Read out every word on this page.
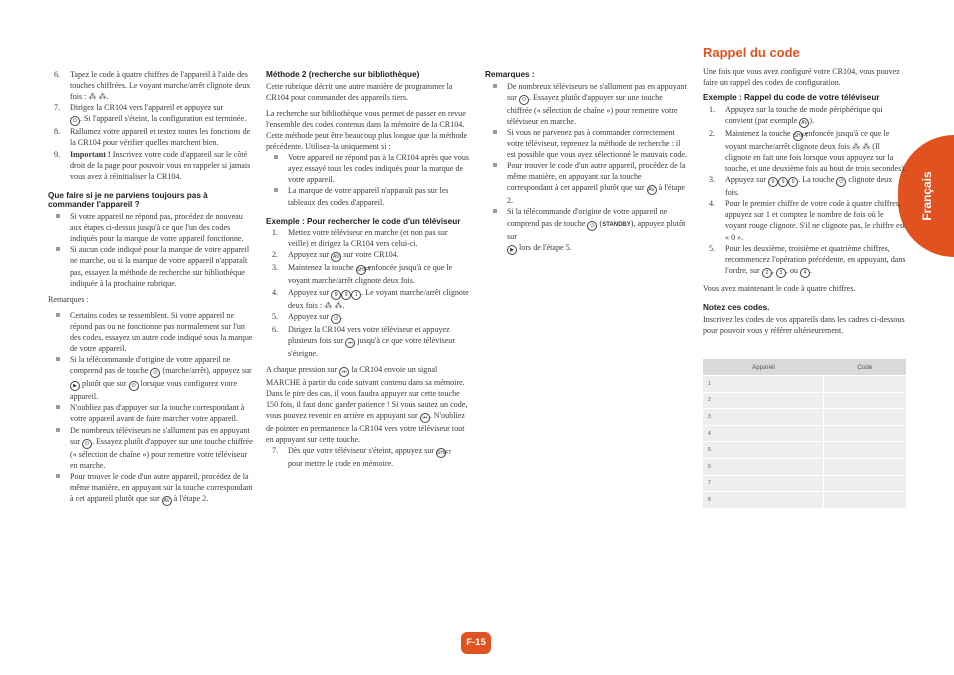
Français
6. Tapez le code à quatre chiffres de l'appareil à l'aide des touches chiffrées. Le voyant marche/arrêt clignote deux fois : ⁂ ⁂.
7. Dirigez la CR104 vers l'appareil et appuyez sur
⏻ . Si l'appareil s'éteint, la configuration est terminée.
8. Rallumez votre appareil et testez toutes les fonctions de la CR104 pour vérifier quelles marchent bien.
9. Important ! Inscrivez votre code d'appareil sur le côté droit de la page pour pouvoir vous en rappeler si jamais vous avez à réinitialiser la CR104.
Que faire si je ne parviens toujours pas à commander l'appareil ?
Si votre appareil ne répond pas, procédez de nouveau aux étapes ci-dessus jusqu'à ce que l'un des codes indiqués pour la marque de votre appareil fonctionne.
Si aucun code indiqué pour la marque de votre appareil ne marche, ou si la marque de votre appareil n'apparaît pas, essayez la méthode de recherche sur bibliothèque indiquée à la prochaine rubrique.

Remarques :

Certains codes se ressemblent. Si votre appareil ne répond pas ou ne fonctionne pas normalement sur l'un des codes, essayez un autre code indiqué sous la marque de votre appareil.
Si la télécommande d'origine de votre appareil ne comprend pas de touche ⏻ (marche/arrêt), appuyez sur ▶ plutôt que sur ⏻ lorsque vous configurez votre appareil.
N'oubliez pas d'appuyer sur la touche correspondant à votre appareil avant de faire marcher votre appareil.
De nombreux téléviseurs ne s'allument pas en appuyant sur ⏻ . Essayez plutôt d'appuyer sur une touche chiffrée (« sélection de chaîne ») pour remettre votre téléviseur en marche.
Pour trouver le code d'un autre appareil, procédez de la même manière, en appuyant sur la touche correspondant à cet appareil plutôt que sur AV à l'étape 2.
Méthode 2 (recherche sur bibliothèque)

Cette rubrique décrit une autre manière de programmer la CR104 pour commander des appareils tiers.

La recherche sur bibliothèque vous permet de passer en revue l'ensemble des codes contenus dans la mémoire de la CR104. Cette méthode peut être beaucoup plus longue que la méthode précédente. Utilisez-la uniquement si :

Votre appareil ne répond pas à la CR104 après que vous ayez essayé tous les codes indiqués pour la marque de votre appareil.
La marque de votre appareil n'apparaît pas sur les tableaux des codes d'appareil.
Exemple : Pour rechercher le code d'un téléviseur
1. Mettez votre téléviseur en marche (et non pas sur veille) et dirigez la CR104 vers celui-ci.
2. Appuyez sur AV sur votre CR104.
3. Maintenez la touche SHIFT enfoncée jusqu'à ce que le voyant marche/arrêt clignote deux fois.
4. Appuyez sur 9 9 1 . Le voyant marche/arrêt clignote deux fois : ⁂ ⁂.
5. Appuyez sur ⏻ .
6. Dirigez la CR104 vers votre téléviseur et appuyez plusieurs fois sur ⏭ jusqu'à ce que votre téléviseur s'éteigne.

A chaque pression sur ⏭ la CR104 envoie un signal MARCHE à partir du code suivant contenu dans sa mémoire. Dans le pire des cas, il vous faudra appuyer sur cette touche 150 fois, il faut donc garder patience ! Si vous sautez un code, vous pouvez revenir en arrière en appuyant sur ⏮ . N'oubliez de pointer en permanence la CR104 vers votre téléviseur tout en appuyant sur cette touche.

7. Dès que votre téléviseur s'éteint, appuyez sur SHIFT
pour mettre le code en mémoire.
Remarques :
De nombreux téléviseurs ne s'allument pas en appuyant sur ⏻ . Essayez plutôt d'appuyer sur une touche chiffrée (« sélection de chaîne ») pour remettre votre téléviseur en marche.
Si vous ne parvenez pas à commander correctement votre téléviseur, reprenez la méthode de recherche : il est possible que vous ayez sélectionné le mauvais code.
Pour trouver le code d'un autre appareil, procédez de la même manière, en appuyant sur la touche correspondant à cet appareil plutôt que sur AV à l'étape 2.
Si la télécommande d'origine de votre appareil ne comprend pas de touche ⏻ (STANDBY), appuyez plutôt sur
▶ lors de l'étape 5.
Rappel du code

Une fois que vous avez configuré votre CR104, vous pouvez faire un rappel des codes de configuration.

Exemple : Rappel du code de votre téléviseur
1. Appuyez sur la touche de mode périphérique qui convient (par exemple AV ).
2. Maintenez la touche SHIFT enfoncée jusqu'à ce que le voyant marche/arrêt clignote deux fois ⁂ ⁂ (Il clignote en fait une fois lorsque vous appuyez sur la touche, et une deuxième fois au bout de trois secondes).
3. Appuyez sur 9 9 0 . La touche ⏻ clignote deux fois.
4. Pour le premier chiffre de votre code à quatre chiffres, appuyez sur 1 et comptez le nombre de fois où le voyant rouge clignote. S'il ne clignote pas, le chiffre est « 0 ».
5. Pour les deuxième, troisième et quatrième chiffres, recommencez l'opération précédente, en appuyant, dans l'ordre, sur 2 , 3 , ou 4 .

Vous avez maintenant le code à quatre chiffres.

Notez ces codes.

Inscrivez les codes de vos appareils dans les cadres ci-dessous pour pouvoir vous y référer ultérieurement.

Appareil	Code
1	
2	
3	
4	
5	
6	
7	
8	
F-15
